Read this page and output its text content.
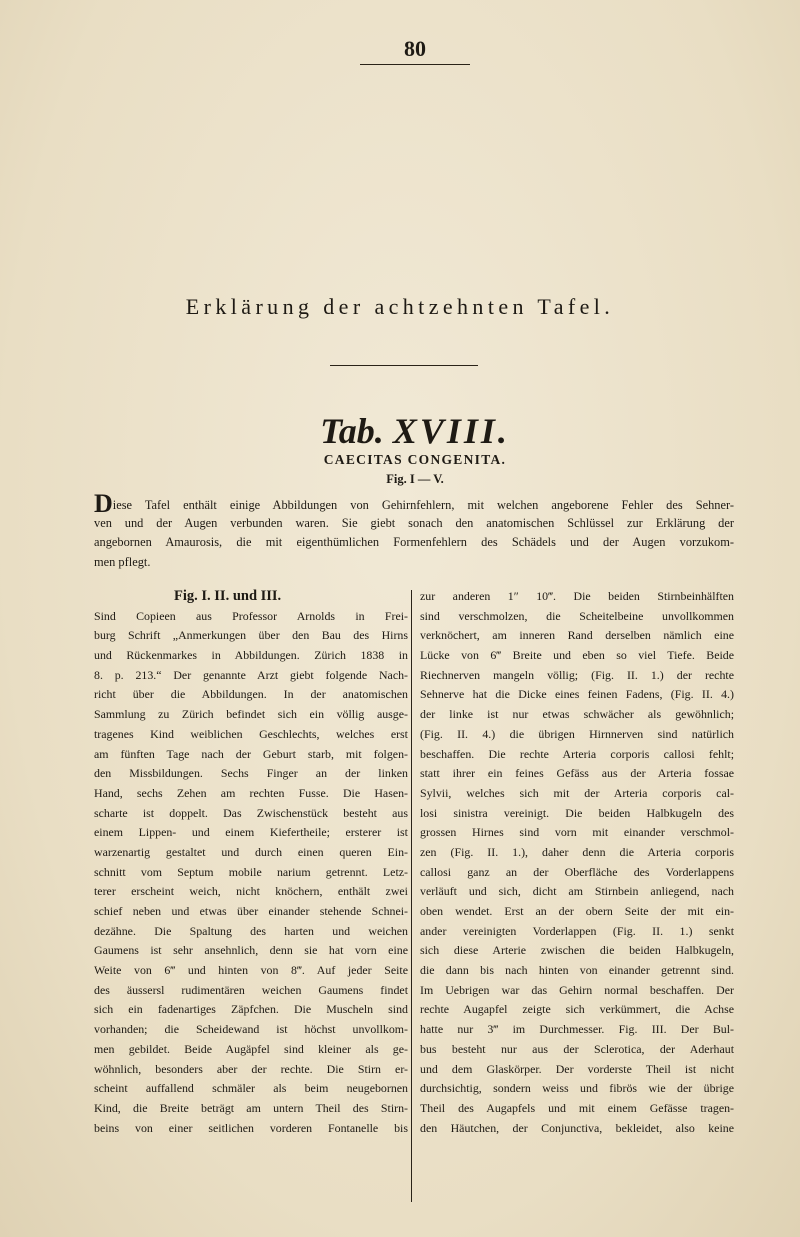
80
Erklärung der achtzehnten Tafel.
Tab. XVIII.
CAECITAS CONGENITA.
Fig. I — V.
Diese Tafel enthält einige Abbildungen von Gehirnfehlern, mit welchen angeborene Fehler des Sehner-
ven und der Augen verbunden waren. Sie giebt sonach den anatomischen Schlüssel zur Erklärung der
angebornen Amaurosis, die mit eigenthümlichen Formenfehlern des Schädels und der Augen vorzukom-
men pflegt.
Fig. I. II. und III.
Sind Copieen aus Professor Arnolds in Frei-
burg Schrift „Anmerkungen über den Bau des Hirns
und Rückenmarkes in Abbildungen. Zürich 1838 in
8. p. 213.“ Der genannte Arzt giebt folgende Nach-
richt über die Abbildungen. In der anatomischen
Sammlung zu Zürich befindet sich ein völlig ausge-
tragenes Kind weiblichen Geschlechts, welches erst
am fünften Tage nach der Geburt starb, mit folgen-
den Missbildungen. Sechs Finger an der linken
Hand, sechs Zehen am rechten Fusse. Die Hasen-
scharte ist doppelt. Das Zwischenstück besteht aus
einem Lippen- und einem Kiefertheile; ersterer ist
warzenartig gestaltet und durch einen queren Ein-
schnitt vom Septum mobile narium getrennt. Letz-
terer erscheint weich, nicht knöchern, enthält zwei
schief neben und etwas über einander stehende Schnei-
dezähne. Die Spaltung des harten und weichen
Gaumens ist sehr ansehnlich, denn sie hat vorn eine
Weite von 6‴ und hinten von 8‴. Auf jeder Seite
des äussersl rudimentären weichen Gaumens findet
sich ein fadenartiges Zäpfchen. Die Muscheln sind
vorhanden; die Scheidewand ist höchst unvollkom-
men gebildet. Beide Augäpfel sind kleiner als ge-
wöhnlich, besonders aber der rechte. Die Stirn er-
scheint auffallend schmäler als beim neugebornen
Kind, die Breite beträgt am untern Theil des Stirn-
beins von einer seitlichen vorderen Fontanelle bis
zur anderen 1″ 10‴. Die beiden Stirnbeinhälften
sind verschmolzen, die Scheitelbeine unvollkommen
verknöchert, am inneren Rand derselben nämlich eine
Lücke von 6‴ Breite und eben so viel Tiefe. Beide
Riechnerven mangeln völlig; (Fig. II. 1.) der rechte
Sehnerve hat die Dicke eines feinen Fadens, (Fig. II. 4.)
der linke ist nur etwas schwächer als gewöhnlich;
(Fig. II. 4.) die übrigen Hirnnerven sind natürlich
beschaffen. Die rechte Arteria corporis callosi fehlt;
statt ihrer ein feines Gefäss aus der Arteria fossae
Sylvii, welches sich mit der Arteria corporis cal-
losi sinistra vereinigt. Die beiden Halbkugeln des
grossen Hirnes sind vorn mit einander verschmol-
zen (Fig. II. 1.), daher denn die Arteria corporis
callosi ganz an der Oberfläche des Vorderlappens
verläuft und sich, dicht am Stirnbein anliegend, nach
oben wendet. Erst an der obern Seite der mit ein-
ander vereinigten Vorderlappen (Fig. II. 1.) senkt
sich diese Arterie zwischen die beiden Halbkugeln,
die dann bis nach hinten von einander getrennt sind.
Im Uebrigen war das Gehirn normal beschaffen. Der
rechte Augapfel zeigte sich verkümmert, die Achse
hatte nur 3‴ im Durchmesser. Fig. III. Der Bul-
bus besteht nur aus der Sclerotica, der Aderhaut
und dem Glaskörper. Der vorderste Theil ist nicht
durchsichtig, sondern weiss und fibrös wie der übrige
Theil des Augapfels und mit einem Gefässe tragen-
den Häutchen, der Conjunctiva, bekleidet, also keine
